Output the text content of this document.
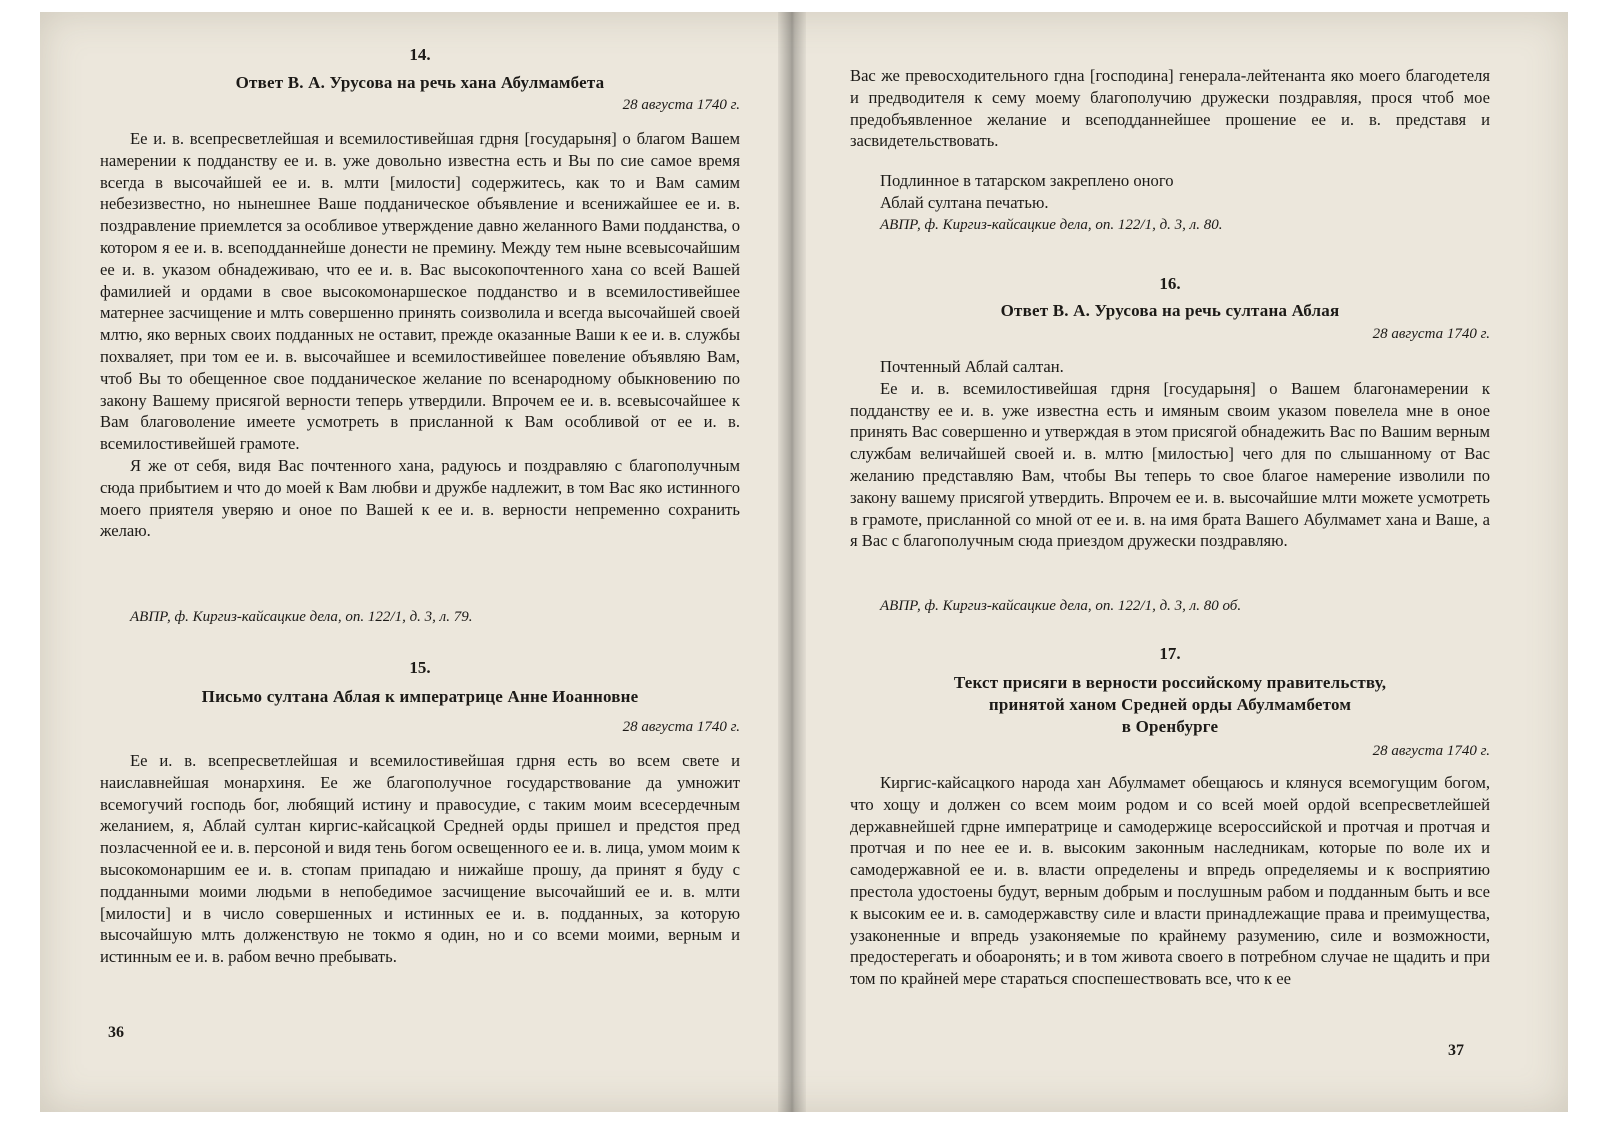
14.
Ответ В. А. Урусова на речь хана Абулмамбета
28 августа 1740 г.

Ее и. в. всепресветлейшая и всемилостивейшая гдрня [государыня] о благом Вашем намерении к подданству ее и. в. уже довольно известна есть и Вы по сие самое время всегда в высочайшей ее и. в. млти [милости] содержитесь, как то и Вам самим небезизвестно, но нынешнее Ваше подданическое объявление и всенижайшее ее и. в. поздравление приемлется за особливое утверждение давно желанного Вами подданства, о котором я ее и. в. всеподданнейше донести не премину. Между тем ныне всевысочайшим ее и. в. указом обнадеживаю, что ее и. в. Вас высокопочтенного хана со всей Вашей фамилией и ордами в свое высокомонаршеское подданство и в всемилостивейшее матернее засчищение и млть совершенно принять соизволила и всегда высочайшей своей млтю, яко верных своих подданных не оставит, прежде оказанные Ваши к ее и. в. службы похваляет, при том ее и. в. высочайшее и всемилостивейшее повеление объявляю Вам, чтоб Вы то обещенное свое подданическое желание по всенародному обыкновению по закону Вашему присягой верности теперь утвердили. Впрочем ее и. в. всевысочайшее к Вам благоволение имеете усмотреть в присланной к Вам особливой от ее и. в. всемилостивейшей грамоте.

Я же от себя, видя Вас почтенного хана, радуюсь и поздравляю с благополучным сюда прибытием и что до моей к Вам любви и дружбе надлежит, в том Вас яко истинного моего приятеля уверяю и оное по Вашей к ее и. в. верности непременно сохранить желаю.

АВПР, ф. Киргиз-кайсацкие дела, оп. 122/1, д. 3, л. 79.
15.
Письмо султана Аблая к императрице Анне Иоанновне
28 августа 1740 г.

Ее и. в. всепресветлейшая и всемилостивейшая гдрня есть во всем свете и наиславнейшая монархиня. Ее же благополучное государствование да умножит всемогучий господь бог, любящий истину и правосудие, с таким моим всесердечным желанием, я, Аблай султан киргис-кайсацкой Средней орды пришел и предстоя пред позласченной ее и. в. персоной и видя тень богом освещенного ее и. в. лица, умом моим к высокомонаршим ее и. в. стопам припадаю и нижайше прошу, да принят я буду с подданными моими людьми в непобедимое засчищение высочайший ее и. в. млти [милости] и в число совершенных и истинных ее и. в. подданных, за которую высочайшую млть долженствую не токмо я один, но и со всеми моими, верным и истинным ее и. в. рабом вечно пребывать.

36

Вас же превосходительного гдна [господина] генерала-лейтенанта яко моего благодетеля и предводителя к сему моему благополучию дружески поздравляя, прося чтоб мое предобъявленное желание и всеподданнейшее прошение ее и. в. представя и засвидетельствовать.

Подлинное в татарском закреплено оного
Аблай султана печатью.
АВПР, ф. Киргиз-кайсацкие дела, оп. 122/1, д. 3, л. 80.
16.
Ответ В. А. Урусова на речь султана Аблая
28 августа 1740 г.
Почтенный Аблай салтан.

Ее и. в. всемилостивейшая гдрня [государыня] о Вашем благонамерении к подданству ее и. в. уже известна есть и имяным своим указом повелела мне в оное принять Вас совершенно и утверждая в этом присягой обнадежить Вас по Вашим верным службам величайшей своей и. в. млтю [милостью] чего для по слышанному от Вас желанию представляю Вам, чтобы Вы теперь то свое благое намерение изволили по закону вашему присягой утвердить. Впрочем ее и. в. высочайшие млти можете усмотреть в грамоте, присланной со мной от ее и. в. на имя брата Вашего Абулмамет хана и Ваше, а я Вас с благополучным сюда приездом дружески поздравляю.

АВПР, ф. Киргиз-кайсацкие дела, оп. 122/1, д. 3, л. 80 об.
17.
Текст присяги в верности российскому правительству,
принятой ханом Средней орды Абулмамбетом
в Оренбурге
28 августа 1740 г.

Киргис-кайсацкого народа хан Абулмамет обещаюсь и клянуся всемогущим богом, что хощу и должен со всем моим родом и со всей моей ордой всепресветлейшей державнейшей гдрне императрице и самодержице всероссийской и протчая и протчая и протчая и по нее ее и. в. высоким законным наследникам, которые по воле их и самодержавной ее и. в. власти определены и впредь определяемы и к восприятию престола удостоены будут, верным добрым и послушным рабом и подданным быть и все к высоким ее и. в. самодержавству силе и власти принадлежащие права и преимущества, узаконенные и впредь узаконяемые по крайнему разумению, силе и возможности, предостерегать и обоaронять; и в том живота своего в потребном случае не щадить и при том по крайней мере стараться споспешествовать все, что к ее

37
